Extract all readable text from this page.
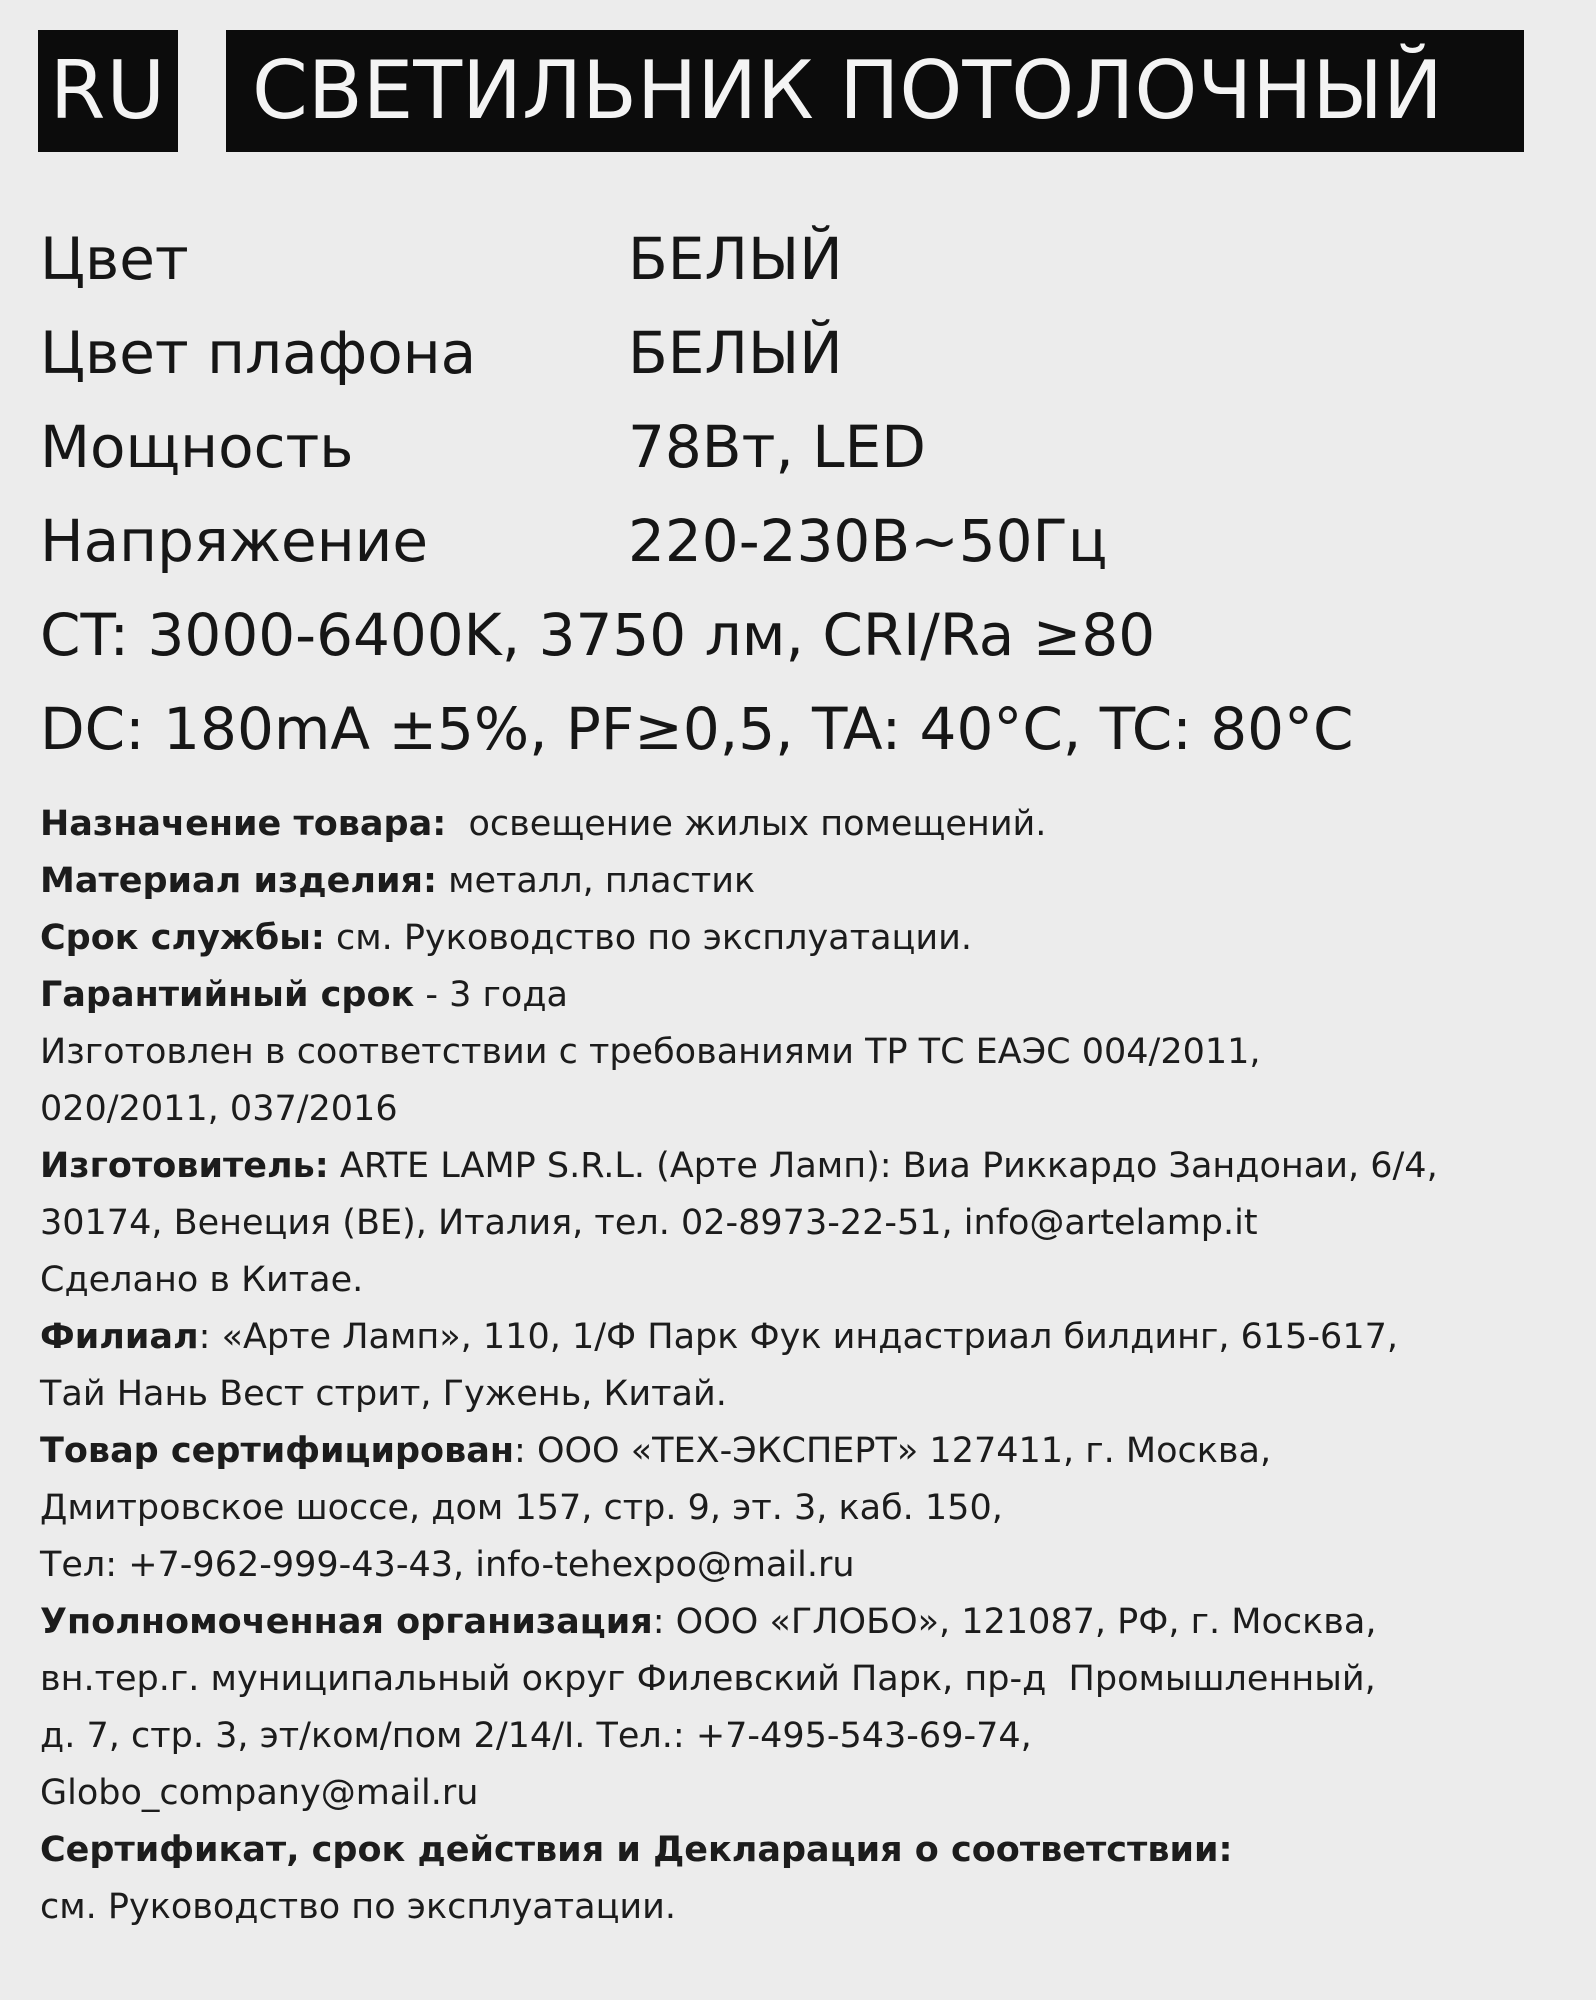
RU	СВЕТИЛЬНИК ПОТОЛОЧНЫЙ
Цвет	БЕЛЫЙ
Цвет плафона	БЕЛЫЙ
Мощность	78Вт, LED
Напряжение	220-230В~50Гц
CT: 3000-6400K, 3750 лм, CRI/Ra ≥80
DC: 180mA ±5%, PF≥0,5, TA: 40°C, TC: 80°C
Назначение товара:  освещение жилых помещений.
Материал изделия: металл, пластик
Срок службы: см. Руководство по эксплуатации.
Гарантийный срок - 3 года
Изготовлен в соответствии с требованиями ТР ТС ЕАЭС 004/2011,
020/2011, 037/2016
Изготовитель: ARTE LAMP S.R.L. (Арте Ламп): Виа Риккардо Зандонаи, 6/4,
30174, Венеция (ВЕ), Италия, тел. 02-8973-22-51, info@artelamp.it
Сделано в Китае.
Филиал: «Арте Ламп», 110, 1/Ф Парк Фук индастриал билдинг, 615-617,
Тай Нань Вест стрит, Гужень, Китай.
Товар сертифицирован: ООО «ТЕХ-ЭКСПЕРТ» 127411, г. Москва,
Дмитровское шоссе, дом 157, стр. 9, эт. 3, каб. 150,
Тел: +7-962-999-43-43, info-tehexpo@mail.ru
Уполномоченная организация: ООО «ГЛОБО», 121087, РФ, г. Москва,
вн.тер.г. муниципальный округ Филевский Парк, пр-д  Промышленный,
д. 7, стр. 3, эт/ком/пом 2/14/I. Тел.: +7-495-543-69-74,
Globo_company@mail.ru
Сертификат, срок действия и Декларация о соответствии:
см. Руководство по эксплуатации.
